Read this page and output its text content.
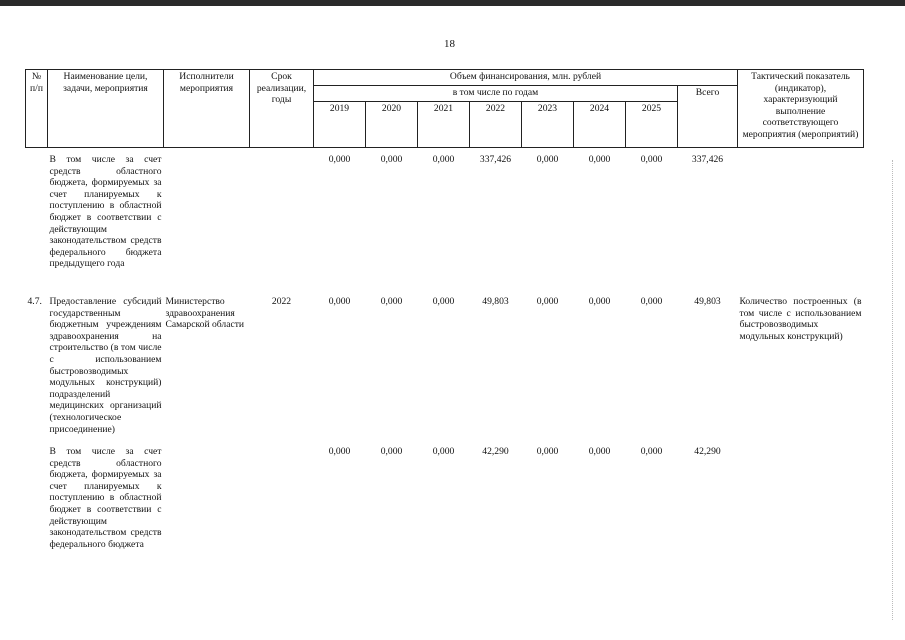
18
№ п/п	Наименование цели, задачи, мероприятия	Исполнители мероприятия	Срок реализации, годы	Объем финансирования, млн. рублей								Тактический показатель (индикатор), характеризующий выполнение соответствующего мероприятия (мероприятий)
				в том числе по годам							Всего	
				2019	2020	2021	2022	2023	2024	2025		

	В том числе за счет средств областного бюджета, формируемых за счет планируемых к поступлению в областной бюджет в соответствии с действующим законодательством средств федерального бюджета предыдущего года			0,000	0,000	0,000	337,426	0,000	0,000	0,000	337,426	
4.7.	Предоставление субсидий государственным бюджетным учреждениям здравоохранения на строительство (в том числе с использованием быстровозводимых модульных конструкций) подразделений медицинских организаций (технологическое присоединение)	Министерство здравоохранения Самарской области	2022	0,000	0,000	0,000	49,803	0,000	0,000	0,000	49,803	Количество построенных (в том числе с использованием быстровозводимых модульных конструкций)
	В том числе за счет средств областного бюджета, формируемых за счет планируемых к поступлению в областной бюджет в соответствии с действующим законодательством средств федерального бюджета			0,000	0,000	0,000	42,290	0,000	0,000	0,000	42,290	
